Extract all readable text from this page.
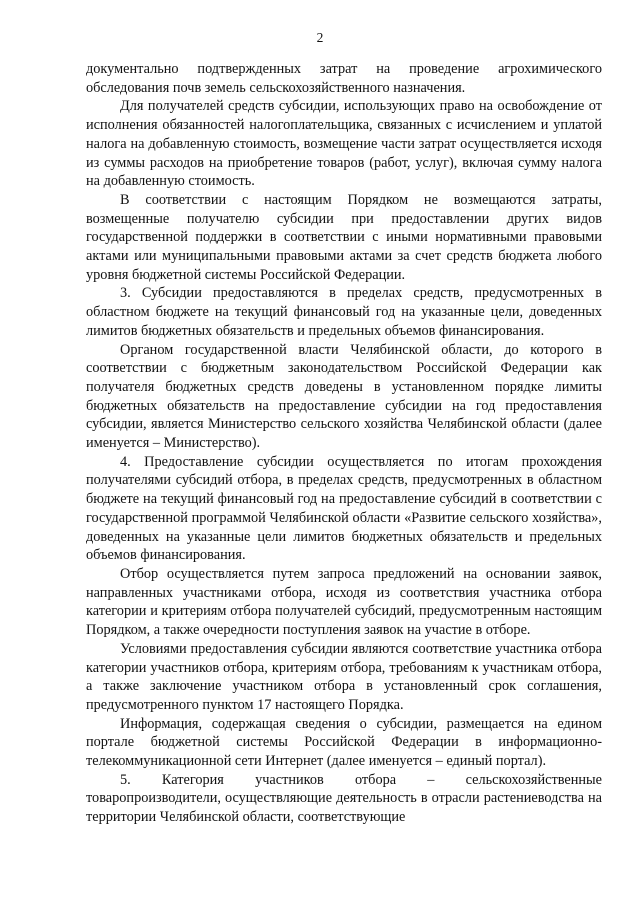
2

документально подтвержденных затрат на проведение агрохимического обследования почв земель сельскохозяйственного назначения.

Для получателей средств субсидии, использующих право на освобождение от исполнения обязанностей налогоплательщика, связанных с исчислением и уплатой налога на добавленную стоимость, возмещение части затрат осуществляется исходя из суммы расходов на приобретение товаров (работ, услуг), включая сумму налога на добавленную стоимость.

В соответствии с настоящим Порядком не возмещаются затраты, возмещенные получателю субсидии при предоставлении других видов государственной поддержки в соответствии с иными нормативными правовыми актами или муниципальными правовыми актами за счет средств бюджета любого уровня бюджетной системы Российской Федерации.

3. Субсидии предоставляются в пределах средств, предусмотренных в областном бюджете на текущий финансовый год на указанные цели, доведенных лимитов бюджетных обязательств и предельных объемов финансирования.

Органом государственной власти Челябинской области, до которого в соответствии с бюджетным законодательством Российской Федерации как получателя бюджетных средств доведены в установленном порядке лимиты бюджетных обязательств на предоставление субсидии на год предоставления субсидии, является Министерство сельского хозяйства Челябинской области (далее именуется – Министерство).

4. Предоставление субсидии осуществляется по итогам прохождения получателями субсидий отбора, в пределах средств, предусмотренных в областном бюджете на текущий финансовый год на предоставление субсидий в соответствии с государственной программой Челябинской области «Развитие сельского хозяйства», доведенных на указанные цели лимитов бюджетных обязательств и предельных объемов финансирования.

Отбор осуществляется путем запроса предложений на основании заявок, направленных участниками отбора, исходя из соответствия участника отбора категории и критериям отбора получателей субсидий, предусмотренным настоящим Порядком, а также очередности поступления заявок на участие в отборе.

Условиями предоставления субсидии являются соответствие участника отбора категории участников отбора, критериям отбора, требованиям к участникам отбора, а также заключение участником отбора в установленный срок соглашения, предусмотренного пунктом 17 настоящего Порядка.

Информация, содержащая сведения о субсидии, размещается на едином портале бюджетной системы Российской Федерации в информационно-телекоммуникационной сети Интернет (далее именуется – единый портал).

5. Категория участников отбора – сельскохозяйственные товаропроизводители, осуществляющие деятельность в отрасли растениеводства на территории Челябинской области, соответствующие
